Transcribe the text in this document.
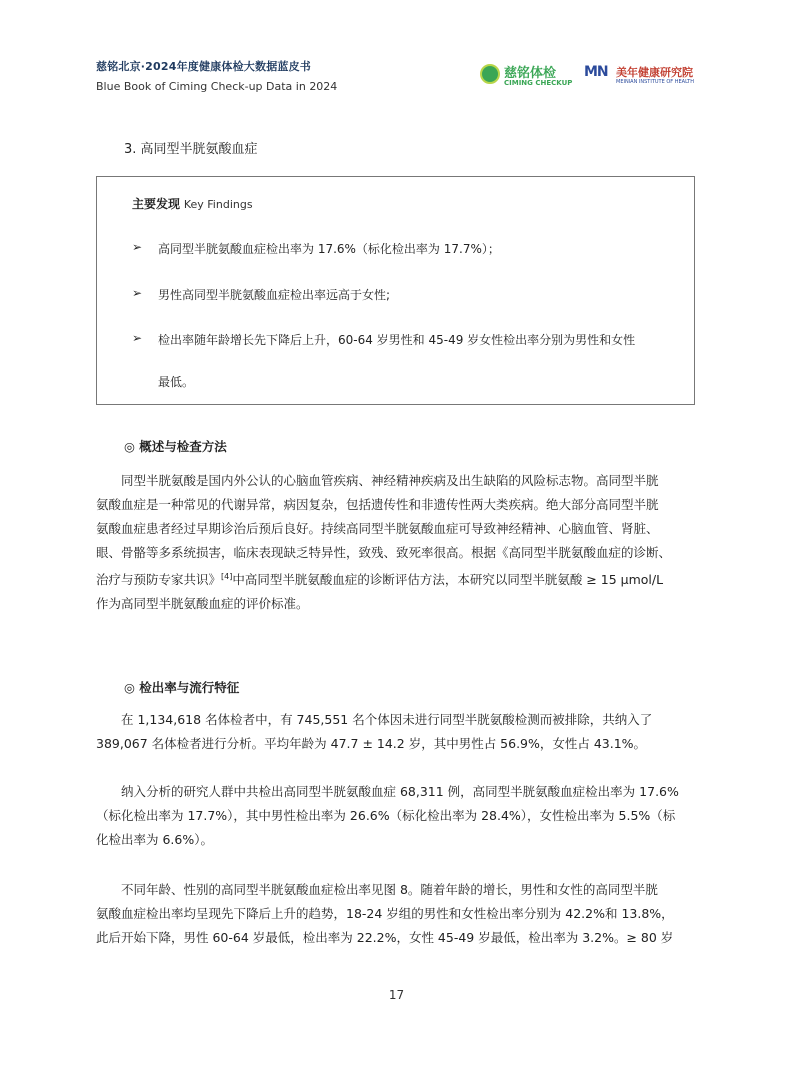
慈铭北京·2024年度健康体检大数据蓝皮书
Blue Book of Ciming Check-up Data in 2024
慈铭体检
CIMING CHECKUP
MN 美年健康研究院
MEINIAN INSTITUTE OF HEALTH
3. 高同型半胱氨酸血症
主要发现 Key Findings
➢ 高同型半胱氨酸血症检出率为 17.6%（标化检出率为 17.7%）；
➢ 男性高同型半胱氨酸血症检出率远高于女性;
➢ 检出率随年龄增长先下降后上升，60-64 岁男性和 45-49 岁女性检出率分别为男性和女性
最低。
◎ 概述与检查方法
同型半胱氨酸是国内外公认的心脑血管疾病、神经精神疾病及出生缺陷的风险标志物。高同型半胱
氨酸血症是一种常见的代谢异常，病因复杂，包括遗传性和非遗传性两大类疾病。绝大部分高同型半胱
氨酸血症患者经过早期诊治后预后良好。持续高同型半胱氨酸血症可导致神经精神、心脑血管、肾脏、
眼、骨骼等多系统损害，临床表现缺乏特异性，致残、致死率很高。根据《高同型半胱氨酸血症的诊断、
治疗与预防专家共识》[4]中高同型半胱氨酸血症的诊断评估方法，本研究以同型半胱氨酸 ≥ 15 μmol/L
作为高同型半胱氨酸血症的评价标准。
◎ 检出率与流行特征
在 1,134,618 名体检者中，有 745,551 名个体因未进行同型半胱氨酸检测而被排除，共纳入了
389,067 名体检者进行分析。平均年龄为 47.7 ± 14.2 岁，其中男性占 56.9%，女性占 43.1%。
纳入分析的研究人群中共检出高同型半胱氨酸血症 68,311 例，高同型半胱氨酸血症检出率为 17.6%
（标化检出率为 17.7%），其中男性检出率为 26.6%（标化检出率为 28.4%），女性检出率为 5.5%（标
化检出率为 6.6%）。
不同年龄、性别的高同型半胱氨酸血症检出率见图 8。随着年龄的增长，男性和女性的高同型半胱
氨酸血症检出率均呈现先下降后上升的趋势，18-24 岁组的男性和女性检出率分别为 42.2%和 13.8%，
此后开始下降，男性 60-64 岁最低，检出率为 22.2%，女性 45-49 岁最低，检出率为 3.2%。≥ 80 岁
17
